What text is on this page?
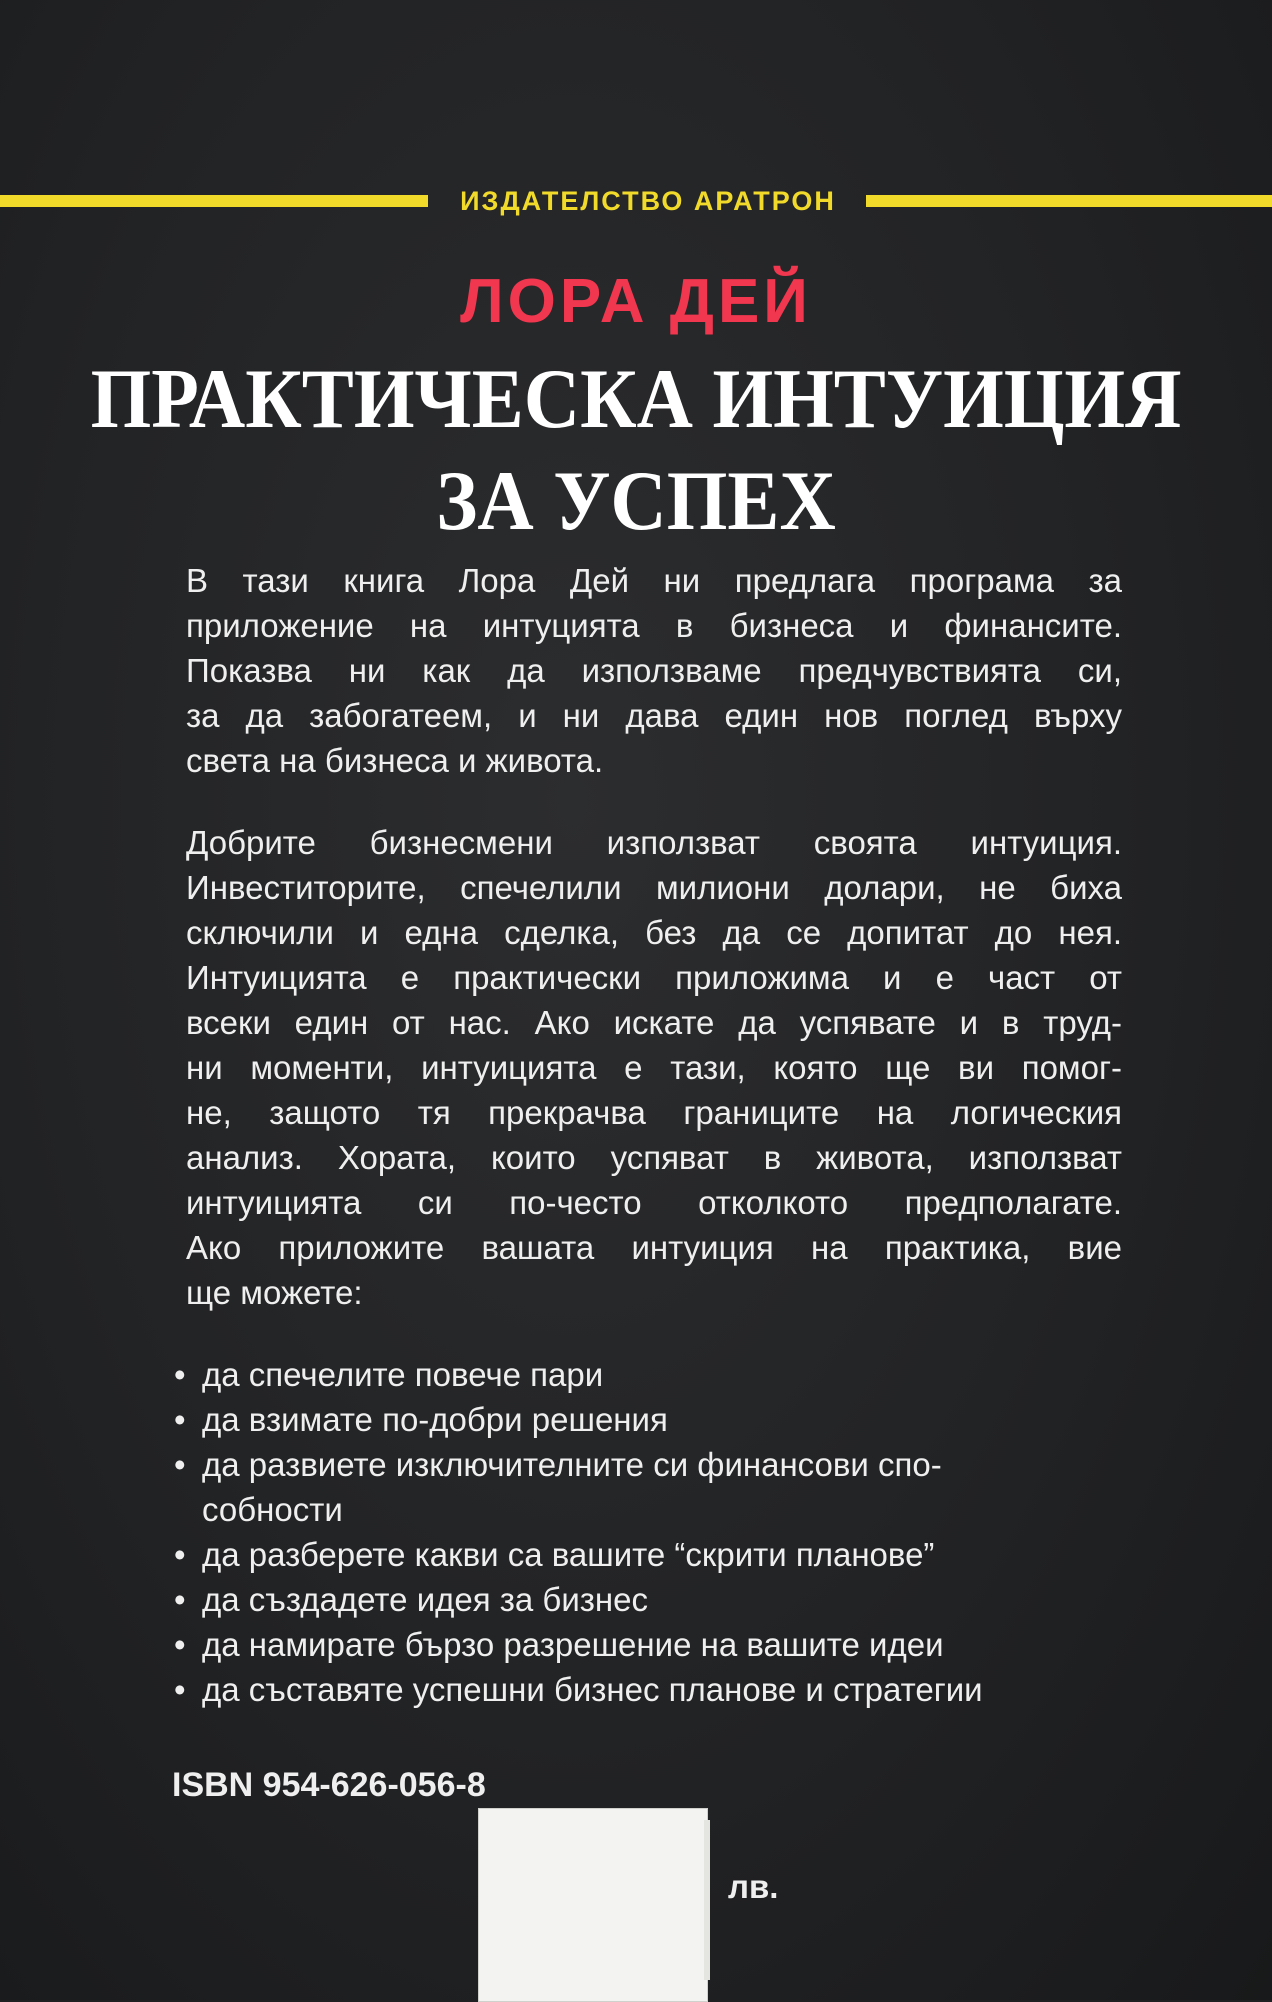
ИЗДАТЕЛСТВО АРАТРОН
ЛОРА ДЕЙ
ПРАКТИЧЕСКА ИНТУИЦИЯ
ЗА УСПЕХ
В тази книга Лора Дей ни предлага програма за
приложение на интуцията в бизнеса и финансите.
Показва ни как да използваме предчувствията си,
за да забогатеем, и ни дава един нов поглед върху
света на бизнеса и живота.
Добрите бизнесмени използват своята интуиция.
Инвеститорите, спечелили милиони долари, не биха
сключили и една сделка, без да се допитат до нея.
Интуицията е практически приложима и е част от
всеки един от нас. Ако искате да успявате и в труд-
ни моменти, интуицията е тази, която ще ви помог-
не, защото тя прекрачва границите на логическия
анализ. Хората, които успяват в живота, използват
интуицията си по-често отколкото предполагате.
Ако приложите вашата интуиция на практика, вие
ще можете:
• да спечелите повече пари
• да взимате по-добри решения
• да развиете изключителните си финансови спо-
собности
• да разберете какви са вашите “скрити планове”
• да създадете идея за бизнес
• да намирате бързо разрешение на вашите идеи
• да съставяте успешни бизнес планове и стратегии
ISBN 954-626-056-8
лв.
